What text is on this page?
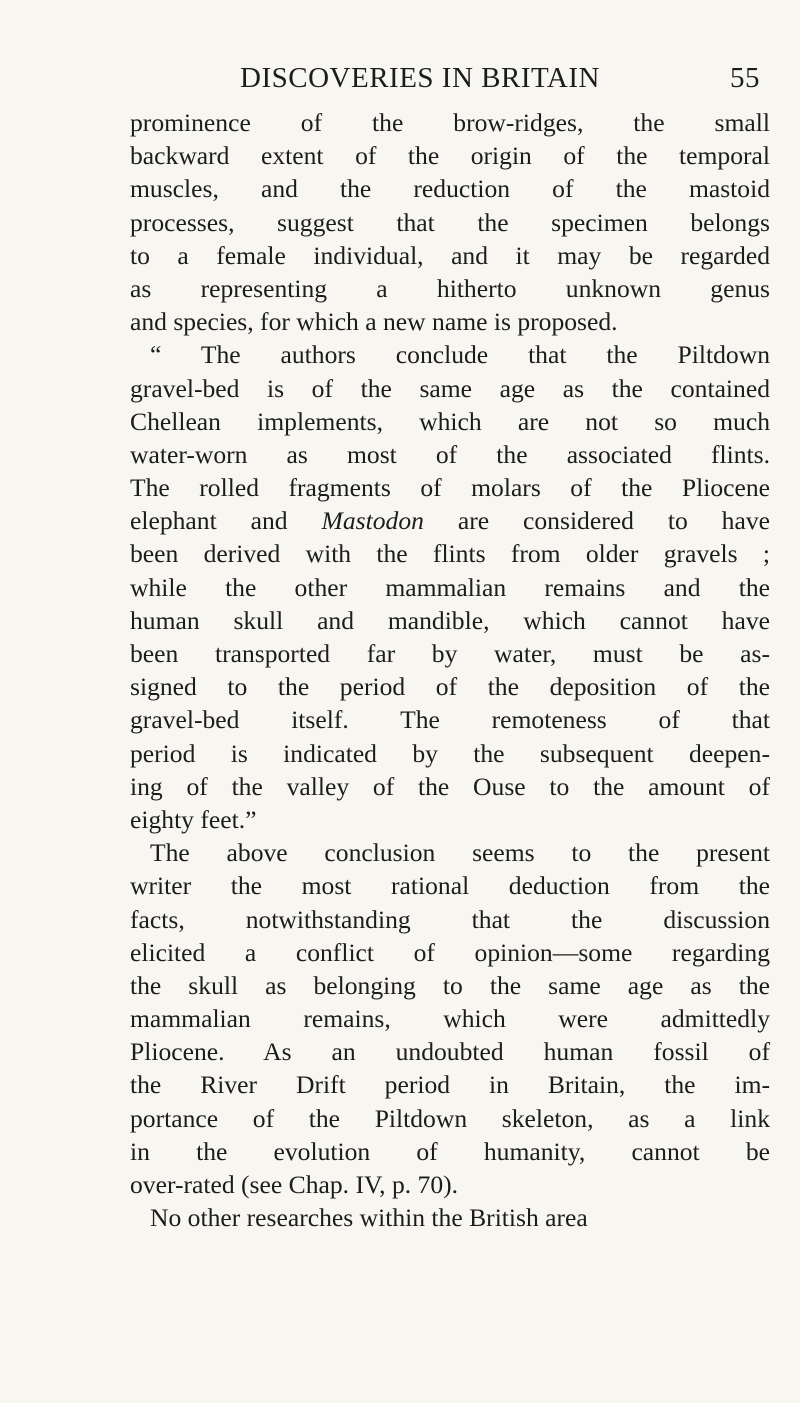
DISCOVERIES IN BRITAIN	55
prominence of the brow-ridges, the small
backward extent of the origin of the temporal
muscles, and the reduction of the mastoid
processes, suggest that the specimen belongs
to a female individual, and it may be regarded
as representing a hitherto unknown genus
and species, for which a new name is proposed.
“ The authors conclude that the Piltdown
gravel-bed is of the same age as the contained
Chellean implements, which are not so much
water-worn as most of the associated flints.
The rolled fragments of molars of the Pliocene
elephant and Mastodon are considered to have
been derived with the flints from older gravels ;
while the other mammalian remains and the
human skull and mandible, which cannot have
been transported far by water, must be as-
signed to the period of the deposition of the
gravel-bed itself. The remoteness of that
period is indicated by the subsequent deepen-
ing of the valley of the Ouse to the amount of
eighty feet.”
The above conclusion seems to the present
writer the most rational deduction from the
facts, notwithstanding that the discussion
elicited a conflict of opinion—some regarding
the skull as belonging to the same age as the
mammalian remains, which were admittedly
Pliocene. As an undoubted human fossil of
the River Drift period in Britain, the im-
portance of the Piltdown skeleton, as a link
in the evolution of humanity, cannot be
over-rated (see Chap. IV, p. 70).
No other researches within the British area
